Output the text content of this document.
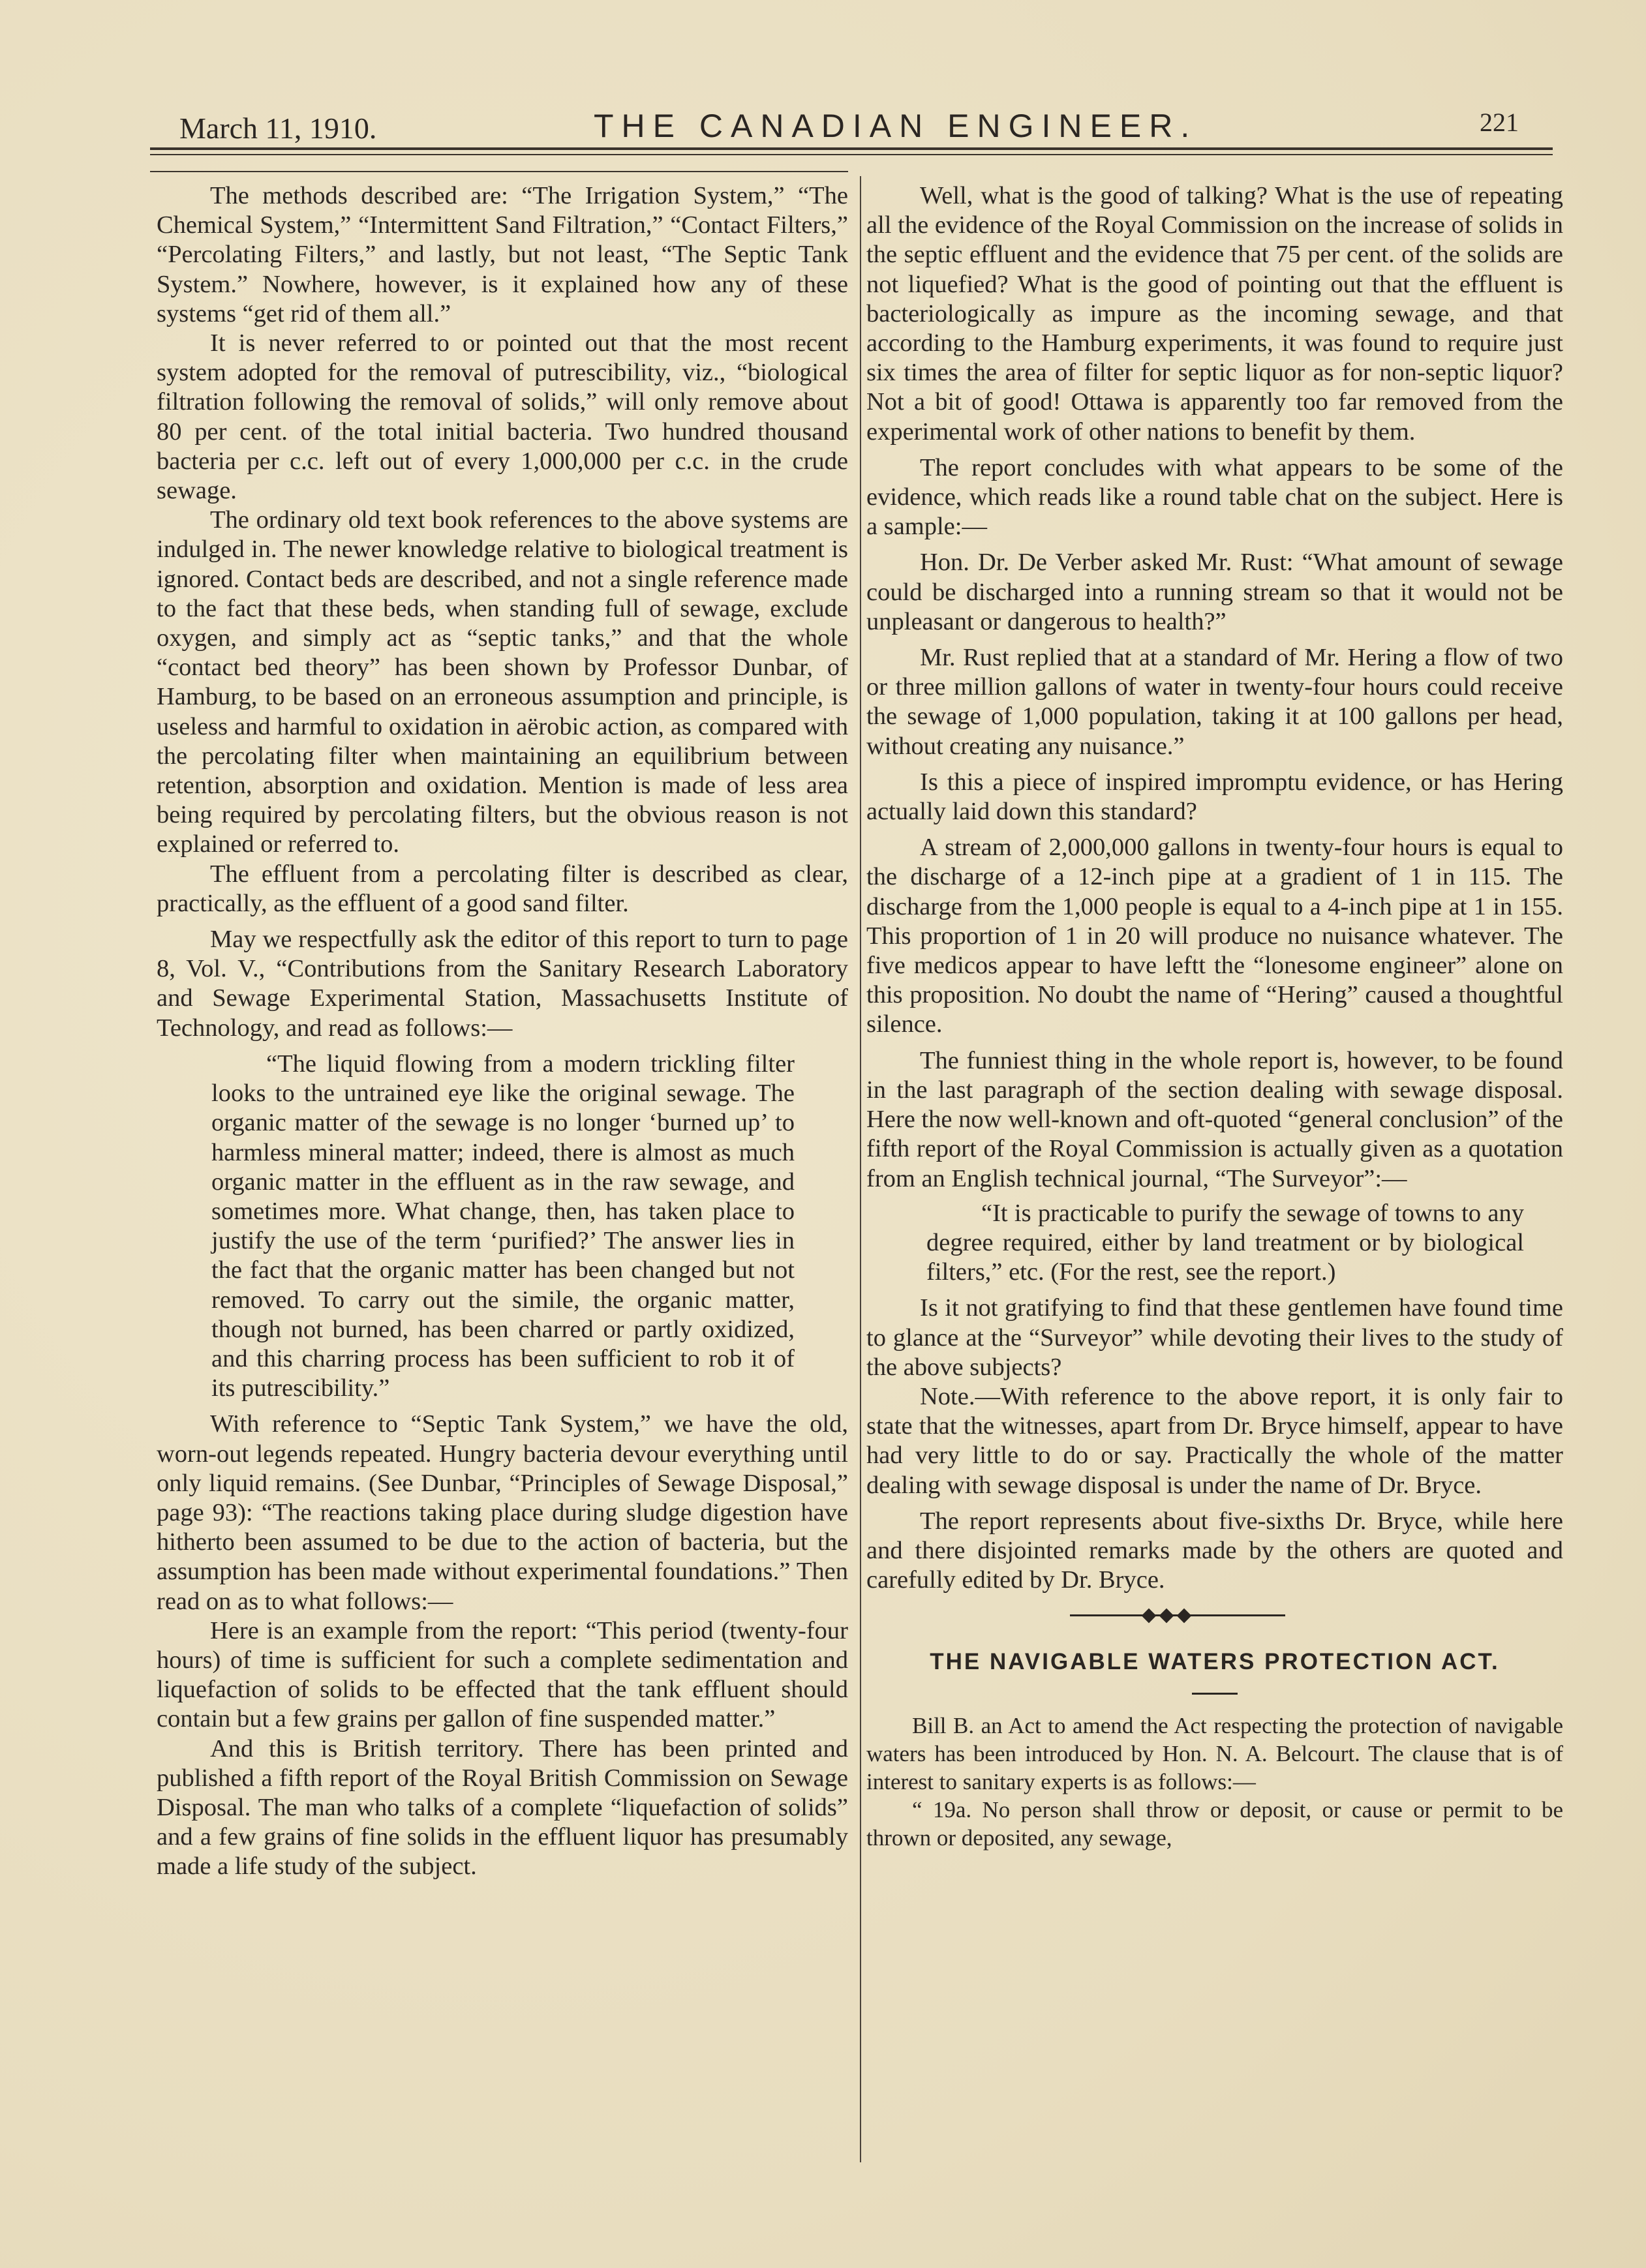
March 11, 1910.	THE CANADIAN ENGINEER.	221

The methods described are: “The Irrigation System,” “The Chemical System,” “Intermittent Sand Filtration,” “Contact Filters,” “Percolating Filters,” and lastly, but not least, “The Septic Tank System.” Nowhere, however, is it explained how any of these systems “get rid of them all.”

It is never referred to or pointed out that the most recent system adopted for the removal of putrescibility, viz., “biological filtration following the removal of solids,” will only remove about 80 per cent. of the total initial bacteria. Two hundred thousand bacteria per c.c. left out of every 1,000,000 per c.c. in the crude sewage.

The ordinary old text book references to the above systems are indulged in. The newer knowledge relative to biological treatment is ignored. Contact beds are described, and not a single reference made to the fact that these beds, when standing full of sewage, exclude oxygen, and simply act as “septic tanks,” and that the whole “contact bed theory” has been shown by Professor Dunbar, of Hamburg, to be based on an erroneous assumption and principle, is useless and harmful to oxidation in aërobic action, as compared with the percolating filter when maintaining an equilibrium between retention, absorption and oxidation. Mention is made of less area being required by percolating filters, but the obvious reason is not explained or referred to.

The effluent from a percolating filter is described as clear, practically, as the effluent of a good sand filter.

May we respectfully ask the editor of this report to turn to page 8, Vol. V., “Contributions from the Sanitary Research Laboratory and Sewage Experimental Station, Massachusetts Institute of Technology, and read as follows:—

“The liquid flowing from a modern trickling filter looks to the untrained eye like the original sewage. The organic matter of the sewage is no longer ‘burned up’ to harmless mineral matter; indeed, there is almost as much organic matter in the effluent as in the raw sewage, and sometimes more. What change, then, has taken place to justify the use of the term ‘purified?’ The answer lies in the fact that the organic matter has been changed but not removed. To carry out the simile, the organic matter, though not burned, has been charred or partly oxidized, and this charring process has been sufficient to rob it of its putrescibility.”

With reference to “Septic Tank System,” we have the old, worn-out legends repeated. Hungry bacteria devour everything until only liquid remains. (See Dunbar, “Principles of Sewage Disposal,” page 93): “The reactions taking place during sludge digestion have hitherto been assumed to be due to the action of bacteria, but the assumption has been made without experimental foundations.” Then read on as to what follows:—

Here is an example from the report: “This period (twenty-four hours) of time is sufficient for such a complete sedimentation and liquefaction of solids to be effected that the tank effluent should contain but a few grains per gallon of fine suspended matter.”

And this is British territory. There has been printed and published a fifth report of the Royal British Commission on Sewage Disposal. The man who talks of a complete “liquefaction of solids” and a few grains of fine solids in the effluent liquor has presumably made a life study of the subject.

Well, what is the good of talking? What is the use of repeating all the evidence of the Royal Commission on the increase of solids in the septic effluent and the evidence that 75 per cent. of the solids are not liquefied? What is the good of pointing out that the effluent is bacteriologically as impure as the incoming sewage, and that according to the Hamburg experiments, it was found to require just six times the area of filter for septic liquor as for non-septic liquor? Not a bit of good! Ottawa is apparently too far removed from the experimental work of other nations to benefit by them.

The report concludes with what appears to be some of the evidence, which reads like a round table chat on the subject. Here is a sample:—

Hon. Dr. De Verber asked Mr. Rust: “What amount of sewage could be discharged into a running stream so that it would not be unpleasant or dangerous to health?”

Mr. Rust replied that at a standard of Mr. Hering a flow of two or three million gallons of water in twenty-four hours could receive the sewage of 1,000 population, taking it at 100 gallons per head, without creating any nuisance.”

Is this a piece of inspired impromptu evidence, or has Hering actually laid down this standard?

A stream of 2,000,000 gallons in twenty-four hours is equal to the discharge of a 12-inch pipe at a gradient of 1 in 115. The discharge from the 1,000 people is equal to a 4-inch pipe at 1 in 155. This proportion of 1 in 20 will produce no nuisance whatever. The five medicos appear to have leftt the “lonesome engineer” alone on this proposition. No doubt the name of “Hering” caused a thoughtful silence.

The funniest thing in the whole report is, however, to be found in the last paragraph of the section dealing with sewage disposal. Here the now well-known and oft-quoted “general conclusion” of the fifth report of the Royal Commission is actually given as a quotation from an English technical journal, “The Surveyor”:—

“It is practicable to purify the sewage of towns to any degree required, either by land treatment or by biological filters,” etc. (For the rest, see the report.)

Is it not gratifying to find that these gentlemen have found time to glance at the “Surveyor” while devoting their lives to the study of the above subjects?

Note.—With reference to the above report, it is only fair to state that the witnesses, apart from Dr. Bryce himself, appear to have had very little to do or say. Practically the whole of the matter dealing with sewage disposal is under the name of Dr. Bryce.

The report represents about five-sixths Dr. Bryce, while here and there disjointed remarks made by the others are quoted and carefully edited by Dr. Bryce.

THE NAVIGABLE WATERS PROTECTION ACT.

Bill B. an Act to amend the Act respecting the protection of navigable waters has been introduced by Hon. N. A. Belcourt. The clause that is of interest to sanitary experts is as follows:—

“ 19a. No person shall throw or deposit, or cause or permit to be thrown or deposited, any sewage,
